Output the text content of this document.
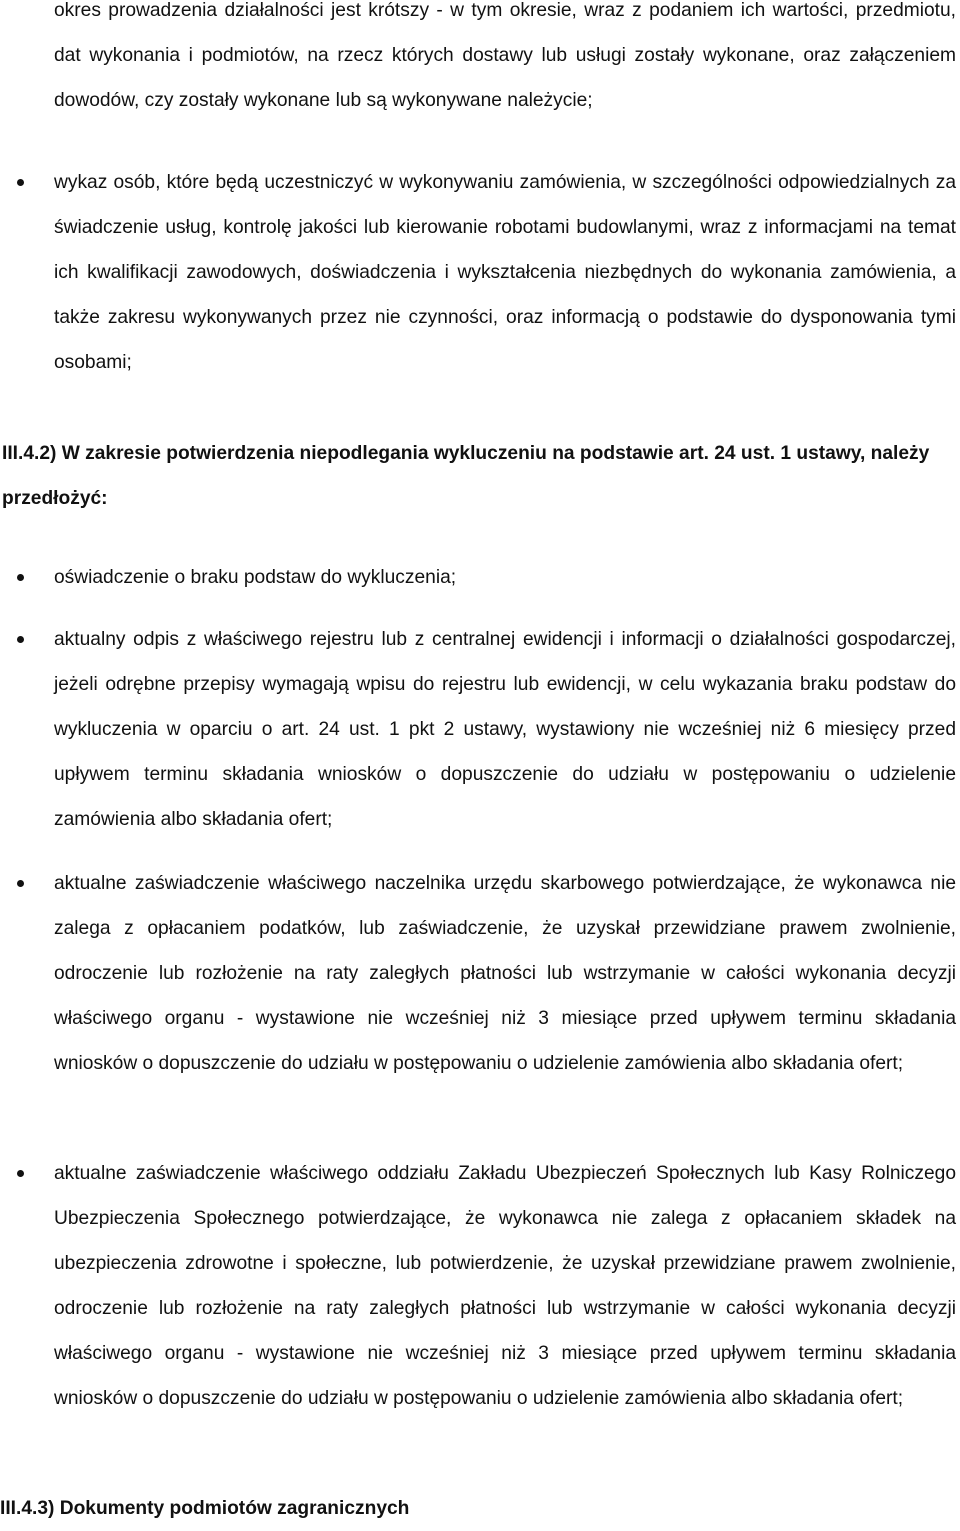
okres prowadzenia działalności jest krótszy - w tym okresie, wraz z podaniem ich wartości, przedmiotu, dat wykonania i podmiotów, na rzecz których dostawy lub usługi zostały wykonane, oraz załączeniem dowodów, czy zostały wykonane lub są wykonywane należycie;

wykaz osób, które będą uczestniczyć w wykonywaniu zamówienia, w szczególności odpowiedzialnych za świadczenie usług, kontrolę jakości lub kierowanie robotami budowlanymi, wraz z informacjami na temat ich kwalifikacji zawodowych, doświadczenia i wykształcenia niezbędnych do wykonania zamówienia, a także zakresu wykonywanych przez nie czynności, oraz informacją o podstawie do dysponowania tymi osobami;

III.4.2) W zakresie potwierdzenia niepodlegania wykluczeniu na podstawie art. 24 ust. 1 ustawy, należy przedłożyć:

oświadczenie o braku podstaw do wykluczenia;

aktualny odpis z właściwego rejestru lub z centralnej ewidencji i informacji o działalności gospodarczej, jeżeli odrębne przepisy wymagają wpisu do rejestru lub ewidencji, w celu wykazania braku podstaw do wykluczenia w oparciu o art. 24 ust. 1 pkt 2 ustawy, wystawiony nie wcześniej niż 6 miesięcy przed upływem terminu składania wniosków o dopuszczenie do udziału w postępowaniu o udzielenie zamówienia albo składania ofert;

aktualne zaświadczenie właściwego naczelnika urzędu skarbowego potwierdzające, że wykonawca nie zalega z opłacaniem podatków, lub zaświadczenie, że uzyskał przewidziane prawem zwolnienie, odroczenie lub rozłożenie na raty zaległych płatności lub wstrzymanie w całości wykonania decyzji właściwego organu - wystawione nie wcześniej niż 3 miesiące przed upływem terminu składania wniosków o dopuszczenie do udziału w postępowaniu o udzielenie zamówienia albo składania ofert;

aktualne zaświadczenie właściwego oddziału Zakładu Ubezpieczeń Społecznych lub Kasy Rolniczego Ubezpieczenia Społecznego potwierdzające, że wykonawca nie zalega z opłacaniem składek na ubezpieczenia zdrowotne i społeczne, lub potwierdzenie, że uzyskał przewidziane prawem zwolnienie, odroczenie lub rozłożenie na raty zaległych płatności lub wstrzymanie w całości wykonania decyzji właściwego organu - wystawione nie wcześniej niż 3 miesiące przed upływem terminu składania wniosków o dopuszczenie do udziału w postępowaniu o udzielenie zamówienia albo składania ofert;

III.4.3) Dokumenty podmiotów zagranicznych
